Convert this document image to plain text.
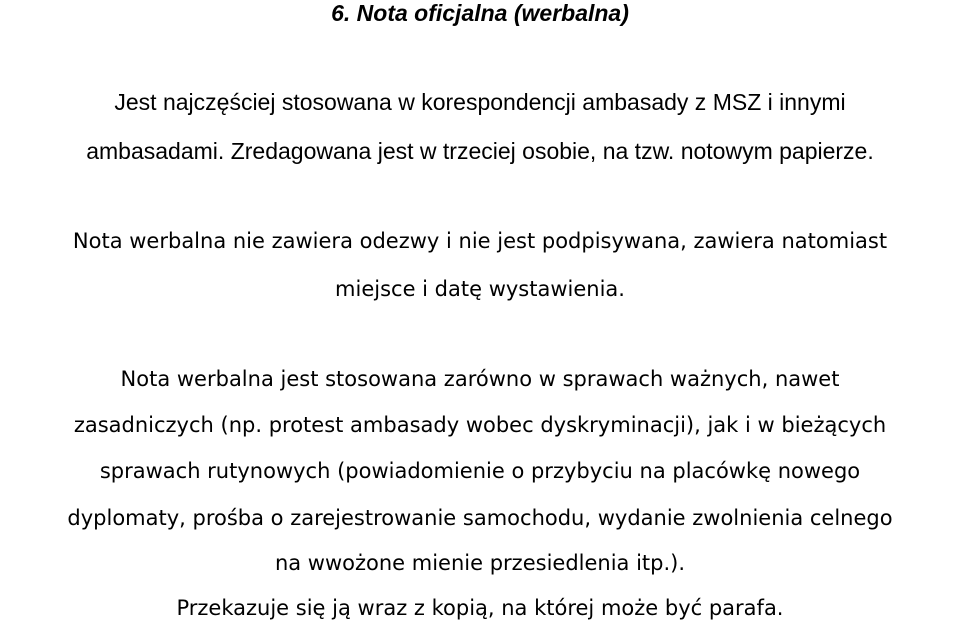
6. Nota oficjalna (werbalna)
Jest najczęściej stosowana w korespondencji ambasady z MSZ i innymi
ambasadami. Zredagowana jest w trzeciej osobie, na tzw. notowym papierze.
Nota werbalna nie zawiera odezwy i nie jest podpisywana, zawiera natomiast
miejsce i datę wystawienia.
Nota werbalna jest stosowana zarówno w sprawach ważnych, nawet
zasadniczych (np. protest ambasady wobec dyskryminacji), jak i w bieżących
sprawach rutynowych (powiadomienie o przybyciu na placówkę nowego
dyplomaty, prośba o zarejestrowanie samochodu, wydanie zwolnienia celnego
na wwożone mienie przesiedlenia itp.).
Przekazuje się ją wraz z kopią, na której może być parafa.
